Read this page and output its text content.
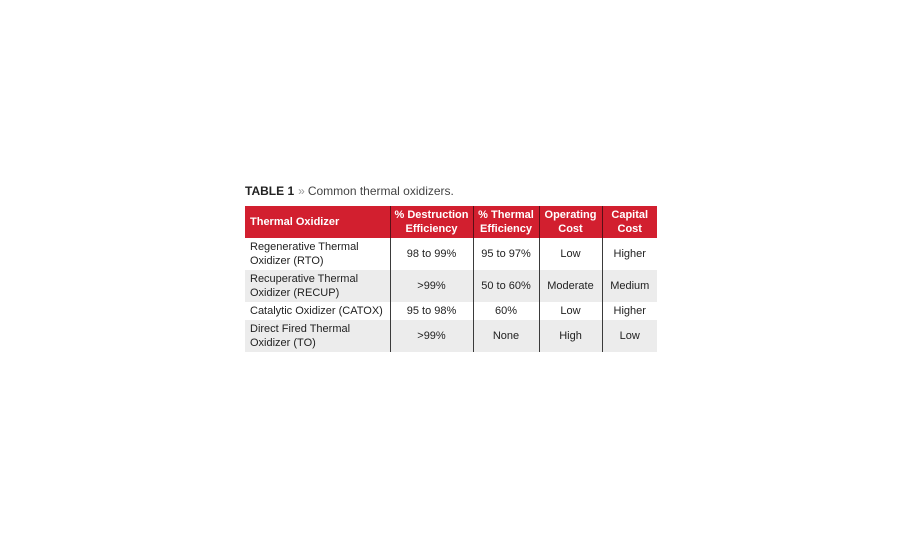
TABLE 1 » Common thermal oxidizers.
Thermal Oxidizer	% Destruction Efficiency	% Thermal Efficiency	Operating Cost	Capital Cost
Regenerative Thermal Oxidizer (RTO)	98 to 99%	95 to 97%	Low	Higher
Recuperative Thermal Oxidizer (RECUP)	>99%	50 to 60%	Moderate	Medium
Catalytic Oxidizer (CATOX)	95 to 98%	60%	Low	Higher
Direct Fired Thermal Oxidizer (TO)	>99%	None	High	Low
